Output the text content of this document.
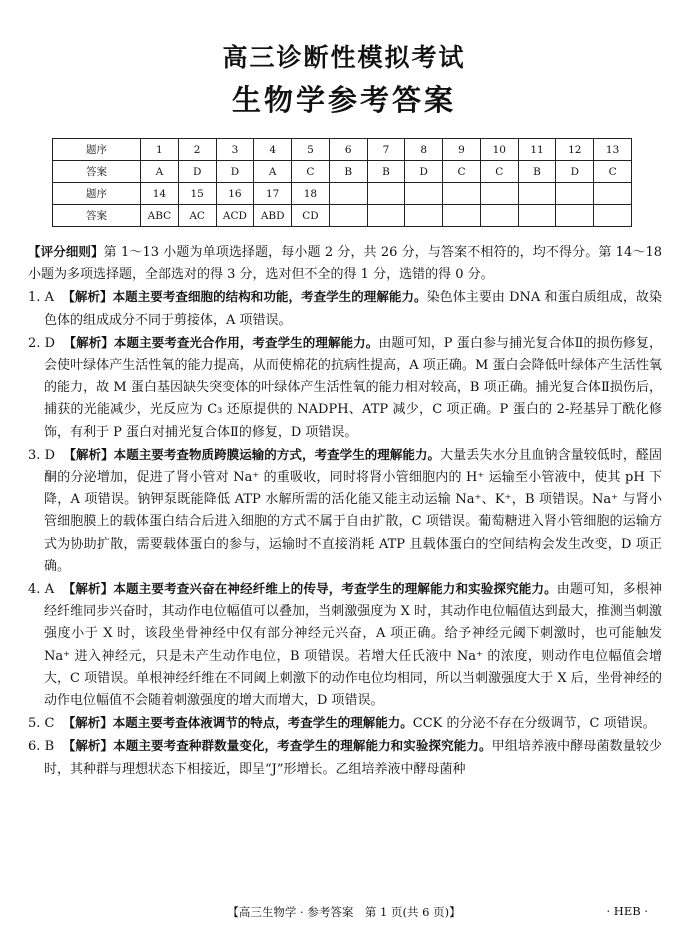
高三诊断性模拟考试
生物学参考答案
题序	1	2	3	4	5	6	7	8	9	10	11	12	13
答案	A	D	D	A	C	B	B	D	C	C	B	D	C
题序	14	15	16	17	18								
答案	ABC	AC	ACD	ABD	CD								

【评分细则】第 1～13 小题为单项选择题，每小题 2 分，共 26 分，与答案不相符的，均不得分。第 14～18 小题为多项选择题，全部选对的得 3 分，选对但不全的得 1 分，选错的得 0 分。

1. A 【解析】本题主要考查细胞的结构和功能，考查学生的理解能力。染色体主要由 DNA 和蛋白质组成，故染色体的组成成分不同于剪接体，A 项错误。

2. D 【解析】本题主要考查光合作用，考查学生的理解能力。由题可知，P 蛋白参与捕光复合体Ⅱ的损伤修复，会使叶绿体产生活性氧的能力提高，从而使棉花的抗病性提高，A 项正确。M 蛋白会降低叶绿体产生活性氧的能力，故 M 蛋白基因缺失突变体的叶绿体产生活性氧的能力相对较高，B 项正确。捕光复合体Ⅱ损伤后，捕获的光能减少，光反应为 C₃ 还原提供的 NADPH、ATP 减少，C 项正确。P 蛋白的 2-羟基异丁酰化修饰，有利于 P 蛋白对捕光复合体Ⅱ的修复，D 项错误。

3. D 【解析】本题主要考查物质跨膜运输的方式，考查学生的理解能力。大量丢失水分且血钠含量较低时，醛固酮的分泌增加，促进了肾小管对 Na⁺ 的重吸收，同时将肾小管细胞内的 H⁺ 运输至小管液中，使其 pH 下降，A 项错误。钠钾泵既能降低 ATP 水解所需的活化能又能主动运输 Na⁺、K⁺，B 项错误。Na⁺ 与肾小管细胞膜上的载体蛋白结合后进入细胞的方式不属于自由扩散，C 项错误。葡萄糖进入肾小管细胞的运输方式为协助扩散，需要载体蛋白的参与，运输时不直接消耗 ATP 且载体蛋白的空间结构会发生改变，D 项正确。

4. A 【解析】本题主要考查兴奋在神经纤维上的传导，考查学生的理解能力和实验探究能力。由题可知，多根神经纤维同步兴奋时，其动作电位幅值可以叠加，当刺激强度为 X 时，其动作电位幅值达到最大，推测当刺激强度小于 X 时，该段坐骨神经中仅有部分神经元兴奋，A 项正确。给予神经元阈下刺激时，也可能触发 Na⁺ 进入神经元，只是未产生动作电位，B 项错误。若增大任氏液中 Na⁺ 的浓度，则动作电位幅值会增大，C 项错误。单根神经纤维在不同阈上刺激下的动作电位均相同，所以当刺激强度大于 X 后，坐骨神经的动作电位幅值不会随着刺激强度的增大而增大，D 项错误。

5. C 【解析】本题主要考查体液调节的特点，考查学生的理解能力。CCK 的分泌不存在分级调节，C 项错误。

6. B 【解析】本题主要考查种群数量变化，考查学生的理解能力和实验探究能力。甲组培养液中酵母菌数量较少时，其种群与理想状态下相接近，即呈“J”形增长。乙组培养液中酵母菌种

【高三生物学 · 参考答案　第 1 页(共 6 页)】	· HEB ·
